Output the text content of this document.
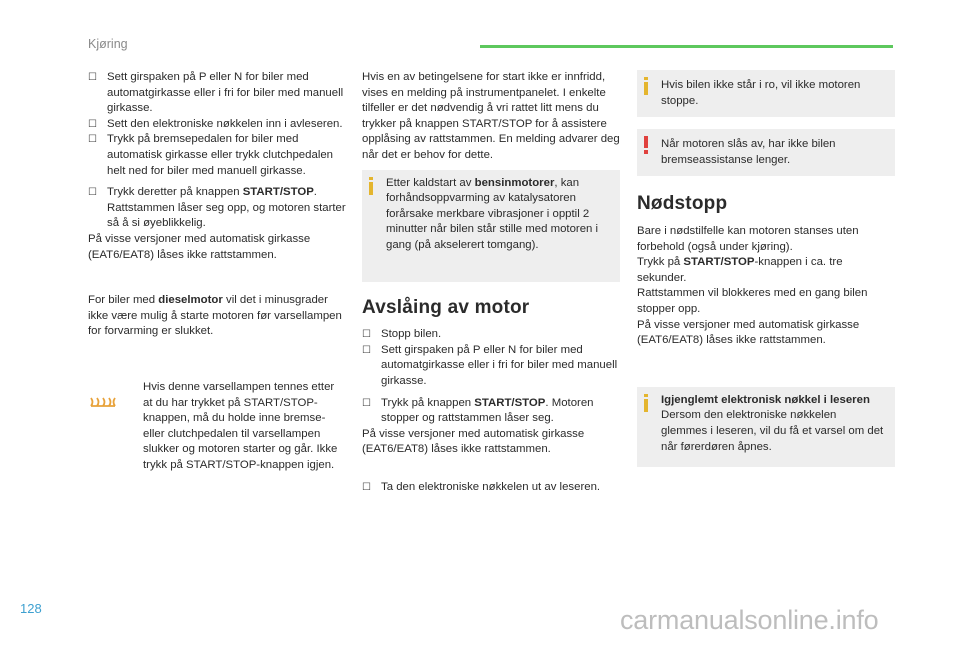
Kjøring

☐ Sett girspaken på P eller N for biler med automatgirkasse eller i fri for biler med manuell girkasse.

☐ Sett den elektroniske nøkkelen inn i avleseren.

☐ Trykk på bremsepedalen for biler med automatisk girkasse eller trykk clutchpedalen helt ned for biler med manuell girkasse.

☐ Trykk deretter på knappen START/STOP. Rattstammen låser seg opp, og motoren starter så å si øyeblikkelig.

På visse versjoner med automatisk girkasse (EAT6/EAT8) låses ikke rattstammen.

For biler med dieselmotor vil det i minusgrader ikke være mulig å starte motoren før varsellampen for forvarming er slukket.

Hvis denne varsellampen tennes etter at du har trykket på START/STOP-knappen, må du holde inne bremse- eller clutchpedalen til varsellampen slukker og motoren starter og går. Ikke trykk på START/STOP-knappen igjen.

Hvis en av betingelsene for start ikke er innfridd, vises en melding på instrumentpanelet. I enkelte tilfeller er det nødvendig å vri rattet litt mens du trykker på knappen START/STOP for å assistere opplåsing av rattstammen. En melding advarer deg når det er behov for dette.

Etter kaldstart av bensinmotorer, kan forhåndsoppvarming av katalysatoren forårsake merkbare vibrasjoner i opptil 2 minutter når bilen står stille med motoren i gang (på akselerert tomgang).

Avslåing av motor

☐ Stopp bilen.

☐ Sett girspaken på P eller N for biler med automatgirkasse eller i fri for biler med manuell girkasse.

☐ Trykk på knappen START/STOP. Motoren stopper og rattstammen låser seg.

På visse versjoner med automatisk girkasse (EAT6/EAT8) låses ikke rattstammen.

☐ Ta den elektroniske nøkkelen ut av leseren.

Hvis bilen ikke står i ro, vil ikke motoren stoppe.

Når motoren slås av, har ikke bilen bremseassistanse lenger.

Nødstopp

Bare i nødstilfelle kan motoren stanses uten forbehold (også under kjøring).

Trykk på START/STOP-knappen i ca. tre sekunder.

Rattstammen vil blokkeres med en gang bilen stopper opp.

På visse versjoner med automatisk girkasse (EAT6/EAT8) låses ikke rattstammen.

Igjenglemt elektronisk nøkkel i leseren

Dersom den elektroniske nøkkelen glemmes i leseren, vil du få et varsel om det når førerdøren åpnes.

128	carmanualsonline.info
